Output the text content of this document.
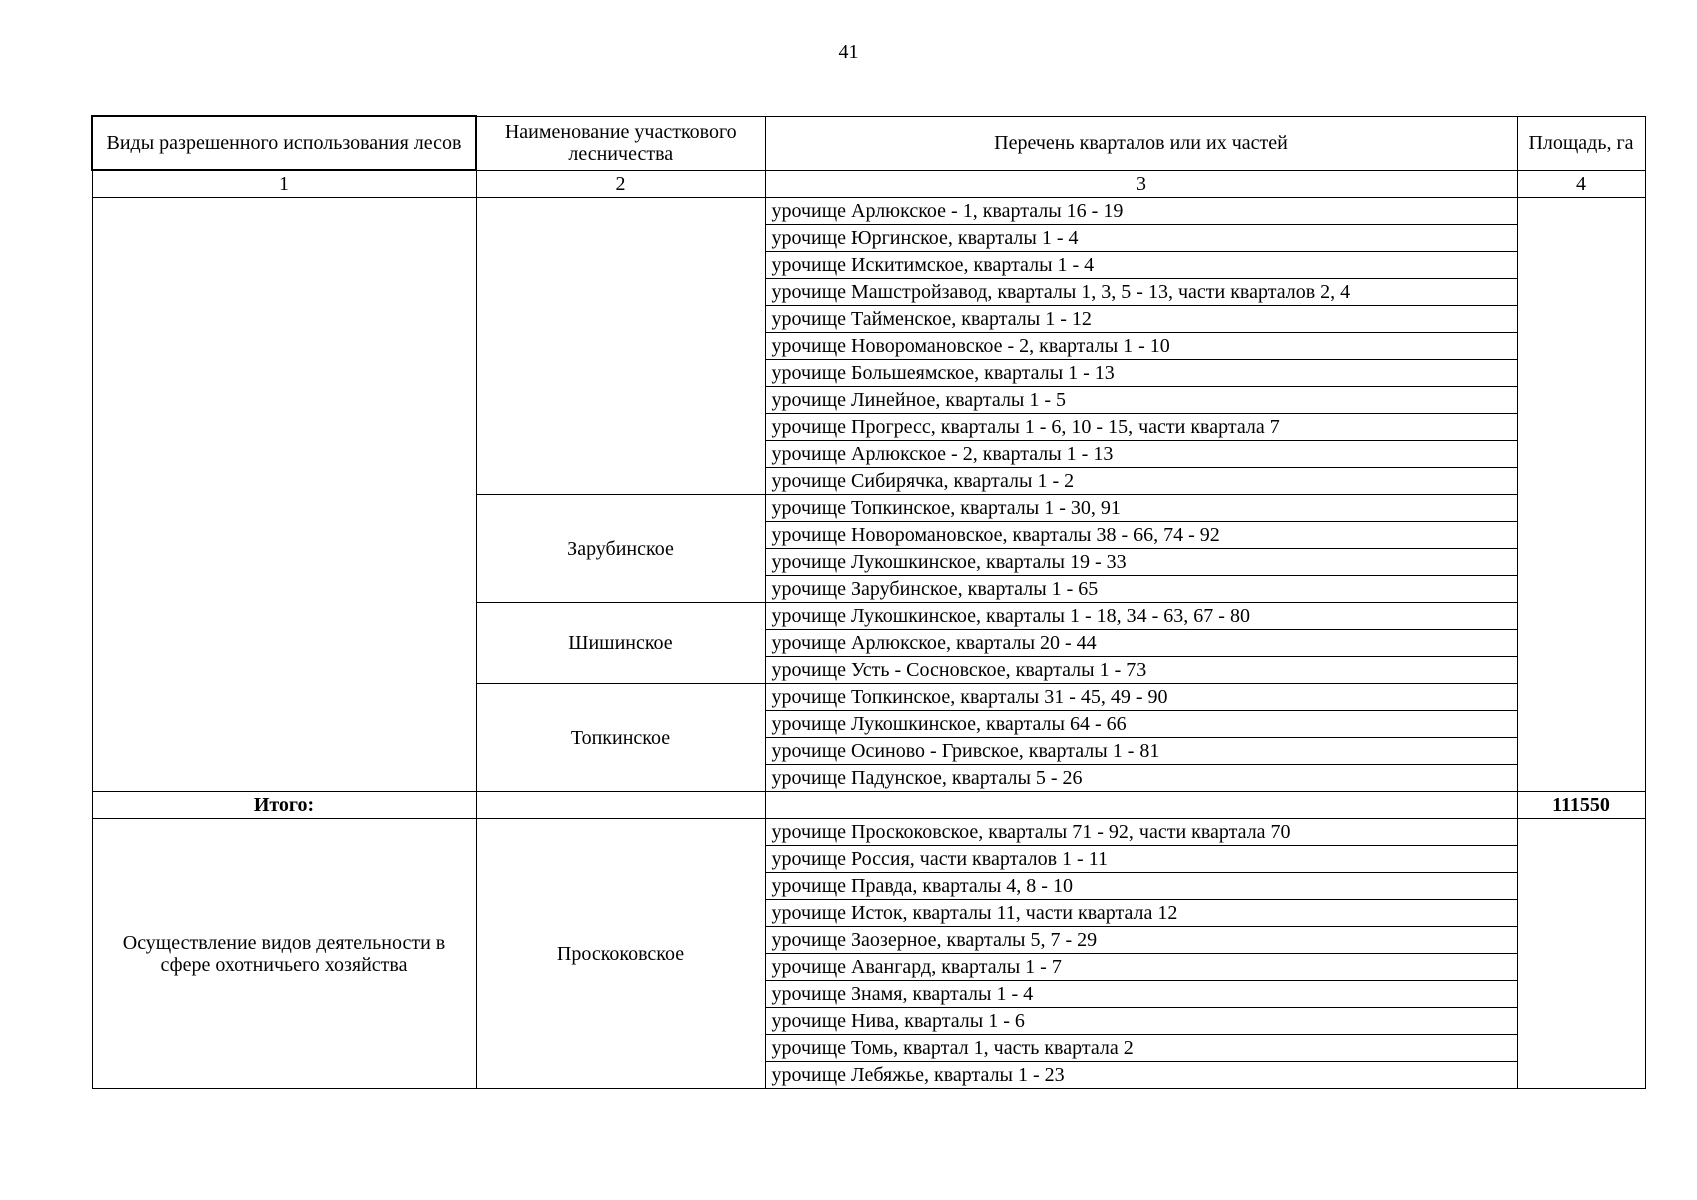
41
Виды разрешенного использования лесов	Наименование участкового лесничества	Перечень кварталов или их частей	Площадь, га
1	2	3	4
		урочище Арлюкское - 1, кварталы 16 - 19	
		урочище Юргинское, кварталы 1 - 4	
		урочище Искитимское, кварталы 1 - 4	
		урочище Машстройзавод, кварталы 1, 3, 5 - 13, части кварталов 2, 4	
		урочище Тайменское, кварталы 1 - 12	
		урочище Новоромановское - 2, кварталы 1 - 10	
		урочище Большеямское, кварталы 1 - 13	
		урочище Линейное, кварталы 1 - 5	
		урочище Прогресс, кварталы 1 - 6, 10 - 15, части квартала 7	
		урочище Арлюкское - 2, кварталы 1 - 13	
		урочище Сибирячка, кварталы 1 - 2	
	Зарубинское	урочище Топкинское, кварталы 1 - 30, 91	
		урочище Новоромановское, кварталы 38 - 66, 74 - 92	
		урочище Лукошкинское, кварталы 19 - 33	
		урочище Зарубинское, кварталы 1 - 65	
	Шишинское	урочище Лукошкинское, кварталы 1 - 18, 34 - 63, 67 - 80	
		урочище Арлюкское, кварталы 20 - 44	
		урочище Усть - Сосновское, кварталы 1 - 73	
	Топкинское	урочище Топкинское, кварталы 31 - 45, 49 - 90	
		урочище Лукошкинское, кварталы 64 - 66	
		урочище Осиново - Гривское, кварталы 1 - 81	
		урочище Падунское, кварталы 5 - 26	
Итого:			111550
Осуществление видов деятельности в сфере охотничьего хозяйства	Проскоковское	урочище Проскоковское, кварталы 71 - 92, части квартала 70	
		урочище Россия, части кварталов 1 - 11	
		урочище Правда, кварталы 4, 8 - 10	
		урочище Исток, кварталы 11, части квартала 12	
		урочище Заозерное, кварталы 5, 7 - 29	
		урочище Авангард, кварталы 1 - 7	
		урочище Знамя, кварталы 1 - 4	
		урочище Нива, кварталы 1 - 6	
		урочище Томь, квартал 1, часть квартала 2	
		урочище Лебяжье, кварталы 1 - 23	
